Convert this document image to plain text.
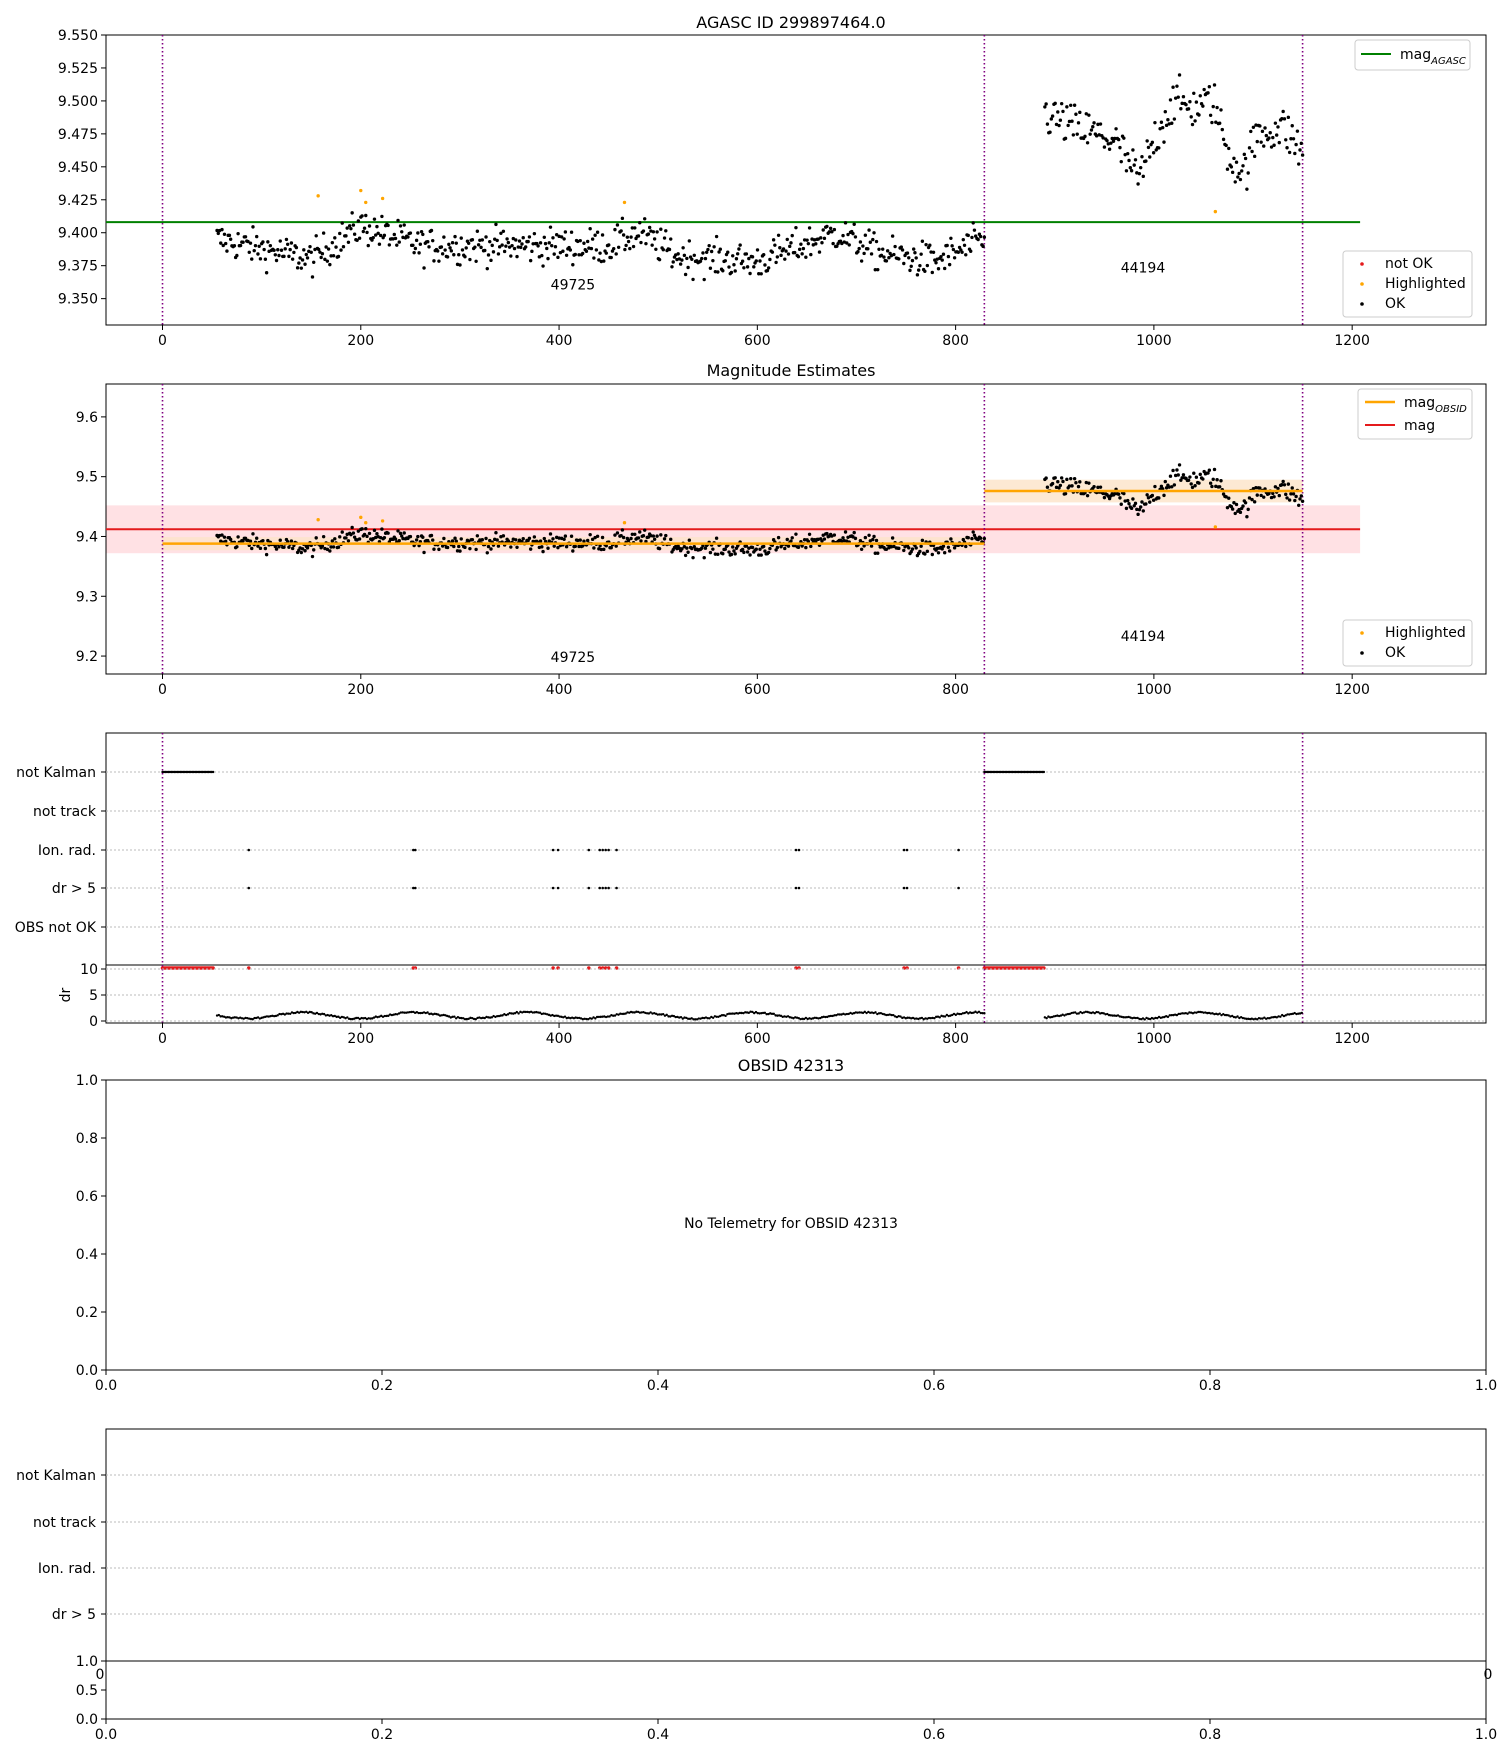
AGASC ID 299897464.0
Magnitude Estimates
OBSID 42313
No Telemetry for OBSID 42313
49725
44194
0	200	400	600	800	1000	1200
9.350
9.375
9.400
9.425
9.450
9.475
9.500
9.525
9.550
49725
44194
0	200	400	600	800	1000	1200
9.2
9.3
9.4
9.5
9.6
not Kalman
not track
Ion. rad.
dr > 5
OBS not OK
0
5
10
dr
0	200	400	600	800	1000	1200
0.0	0.2	0.4	0.6	0.8	1.0
0.0
0.2
0.4
0.6
0.8
1.0
not Kalman
not track
Ion. rad.
dr > 5
0.0
0.5
1.0
0	0
0.0	0.2	0.4	0.6	0.8	1.0
mag$_{AGASC}$
not OK
Highlighted
OK
mag$_{OBSID}$
mag
Highlighted
OK
